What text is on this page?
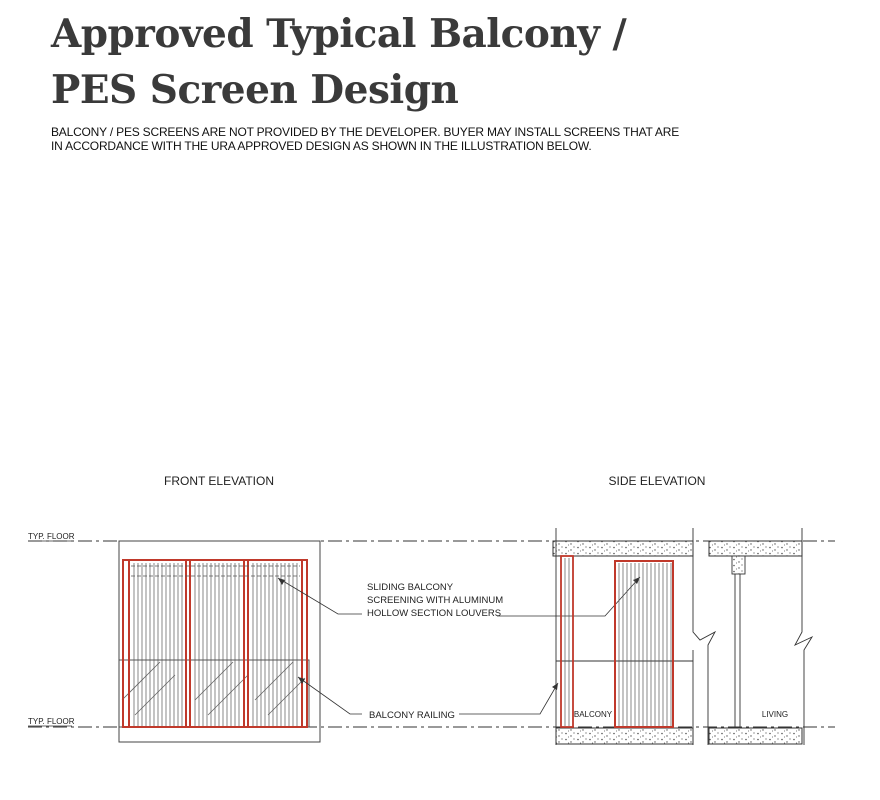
Approved Typical Balcony /
PES Screen Design
BALCONY / PES SCREENS ARE NOT PROVIDED BY THE DEVELOPER. BUYER MAY INSTALL SCREENS THAT ARE
IN ACCORDANCE WITH THE URA APPROVED DESIGN AS SHOWN IN THE ILLUSTRATION BELOW.
FRONT ELEVATION	SIDE ELEVATION
TYP. FLOOR
TYP. FLOOR
SLIDING BALCONY
SCREENING WITH ALUMINUM
HOLLOW SECTION LOUVERS
BALCONY RAILING	BALCONY	LIVING
